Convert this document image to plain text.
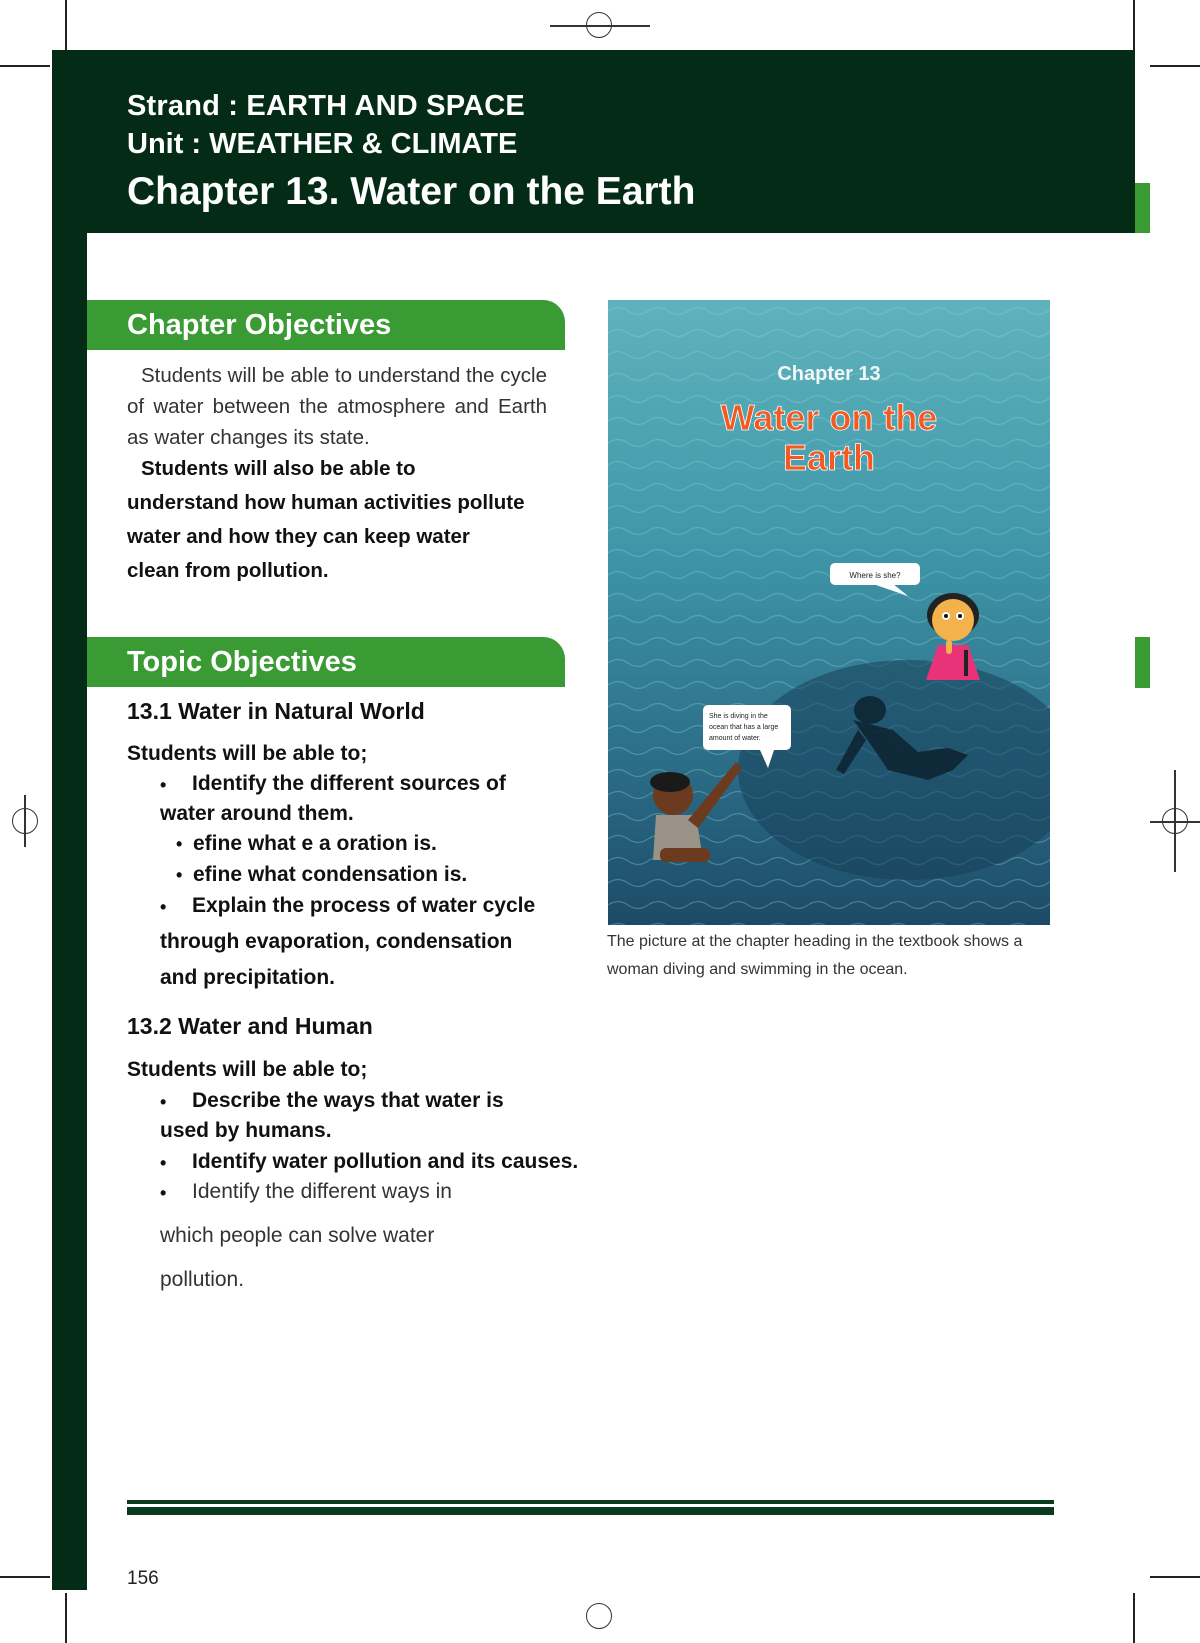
Strand : EARTH AND SPACE
Unit : WEATHER & CLIMATE
Chapter 13. Water on the Earth
Chapter Objectives
Students will be able to understand the cycle of water between the atmosphere and Earth as water changes its state.
Students will also be able to
understand how human activities pollute
water and how they can keep water
clean from pollution.
Topic Objectives
13.1 Water in Natural World
Students will be able to;
• Identify the different sources of
water around them.
• efine what e a oration is.
• efine what condensation is.
• Explain the process of water cycle
through evaporation, condensation
and precipitation.
13.2 Water and Human
Students will be able to;
• Describe the ways that water is
used by humans.
• Identify water pollution and its causes.
• Identify the different ways in
which people can solve water
pollution.
Chapter 13
Water on the
Earth
Where is she?
She is diving in the
ocean that has a large
amount of water.
The picture at the chapter heading in the textbook shows a
woman diving and swimming in the ocean.
156
